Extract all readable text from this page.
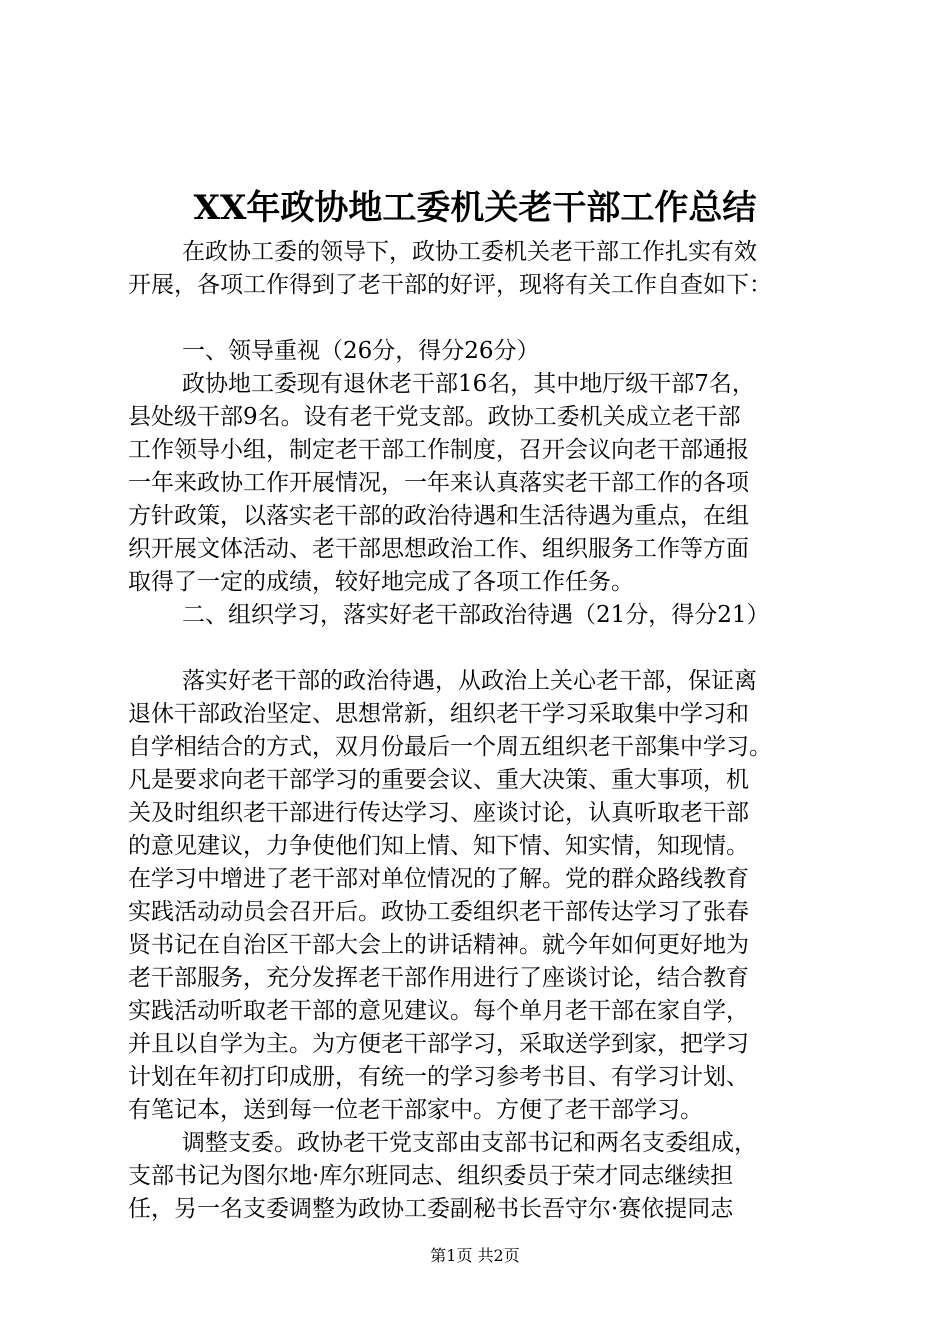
XX年政协地工委机关老干部工作总结
在政协工委的领导下，政协工委机关老干部工作扎实有效
开展，各项工作得到了老干部的好评，现将有关工作自查如下：
一、领导重视（26分，得分26分）
政协地工委现有退休老干部16名，其中地厅级干部7名，
县处级干部9名。设有老干党支部。政协工委机关成立老干部
工作领导小组，制定老干部工作制度，召开会议向老干部通报
一年来政协工作开展情况，一年来认真落实老干部工作的各项
方针政策，以落实老干部的政治待遇和生活待遇为重点，在组
织开展文体活动、老干部思想政治工作、组织服务工作等方面
取得了一定的成绩，较好地完成了各项工作任务。
二、组织学习，落实好老干部政治待遇（21分，得分21）
落实好老干部的政治待遇，从政治上关心老干部，保证离
退休干部政治坚定、思想常新，组织老干学习采取集中学习和
自学相结合的方式，双月份最后一个周五组织老干部集中学习。
凡是要求向老干部学习的重要会议、重大决策、重大事项，机
关及时组织老干部进行传达学习、座谈讨论，认真听取老干部
的意见建议，力争使他们知上情、知下情、知实情，知现情。
在学习中增进了老干部对单位情况的了解。党的群众路线教育
实践活动动员会召开后。政协工委组织老干部传达学习了张春
贤书记在自治区干部大会上的讲话精神。就今年如何更好地为
老干部服务，充分发挥老干部作用进行了座谈讨论，结合教育
实践活动听取老干部的意见建议。每个单月老干部在家自学，
并且以自学为主。为方便老干部学习，采取送学到家，把学习
计划在年初打印成册，有统一的学习参考书目、有学习计划、
有笔记本，送到每一位老干部家中。方便了老干部学习。
调整支委。政协老干党支部由支部书记和两名支委组成，
支部书记为图尔地·库尔班同志、组织委员于荣才同志继续担
任，另一名支委调整为政协工委副秘书长吾守尔·赛依提同志
第1页 共2页
